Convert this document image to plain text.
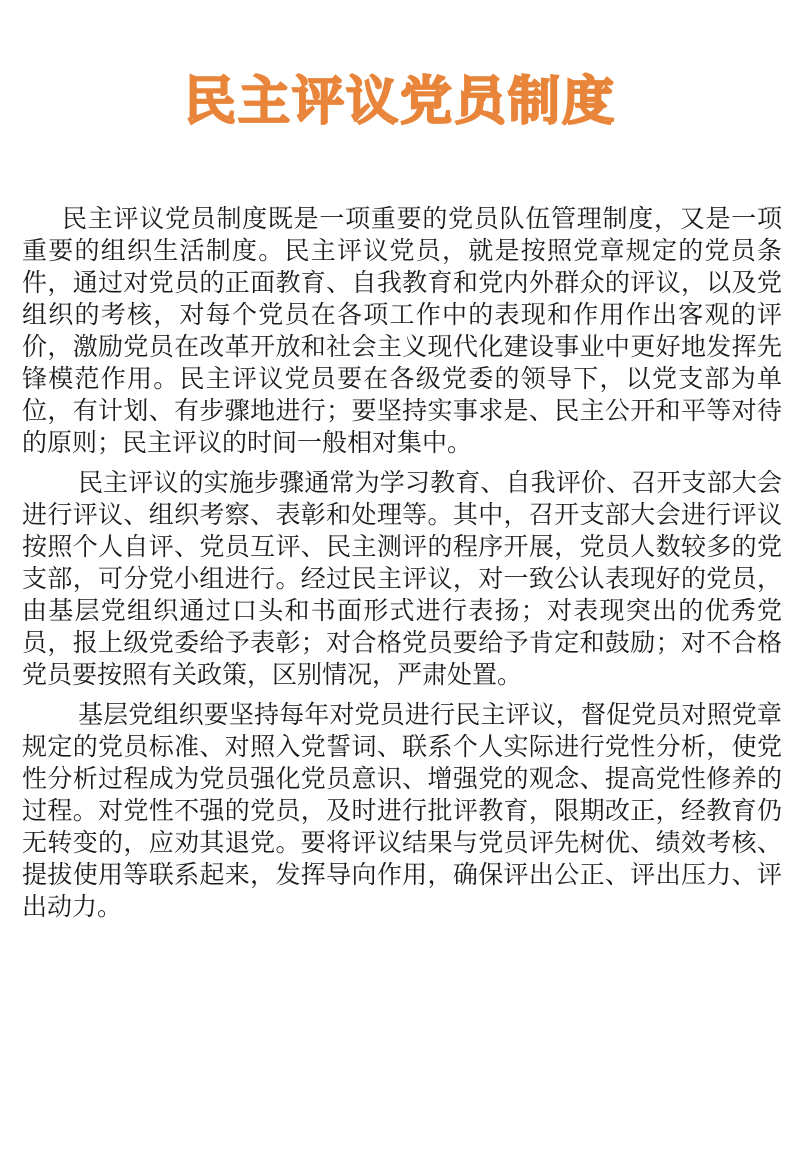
民主评议党员制度

民主评议党员制度既是一项重要的党员队伍管理制度，又是一项重要的组织生活制度。民主评议党员，就是按照党章规定的党员条件，通过对党员的正面教育、自我教育和党内外群众的评议，以及党组织的考核，对每个党员在各项工作中的表现和作用作出客观的评价，激励党员在改革开放和社会主义现代化建设事业中更好地发挥先锋模范作用。民主评议党员要在各级党委的领导下，以党支部为单位，有计划、有步骤地进行；要坚持实事求是、民主公开和平等对待的原则；民主评议的时间一般相对集中。

民主评议的实施步骤通常为学习教育、自我评价、召开支部大会进行评议、组织考察、表彰和处理等。其中，召开支部大会进行评议按照个人自评、党员互评、民主测评的程序开展，党员人数较多的党支部，可分党小组进行。经过民主评议，对一致公认表现好的党员，由基层党组织通过口头和书面形式进行表扬；对表现突出的优秀党员，报上级党委给予表彰；对合格党员要给予肯定和鼓励；对不合格党员要按照有关政策，区别情况，严肃处置。

基层党组织要坚持每年对党员进行民主评议，督促党员对照党章规定的党员标准、对照入党誓词、联系个人实际进行党性分析，使党性分析过程成为党员强化党员意识、增强党的观念、提高党性修养的过程。对党性不强的党员，及时进行批评教育，限期改正，经教育仍无转变的，应劝其退党。要将评议结果与党员评先树优、绩效考核、提拔使用等联系起来，发挥导向作用，确保评出公正、评出压力、评出动力。
